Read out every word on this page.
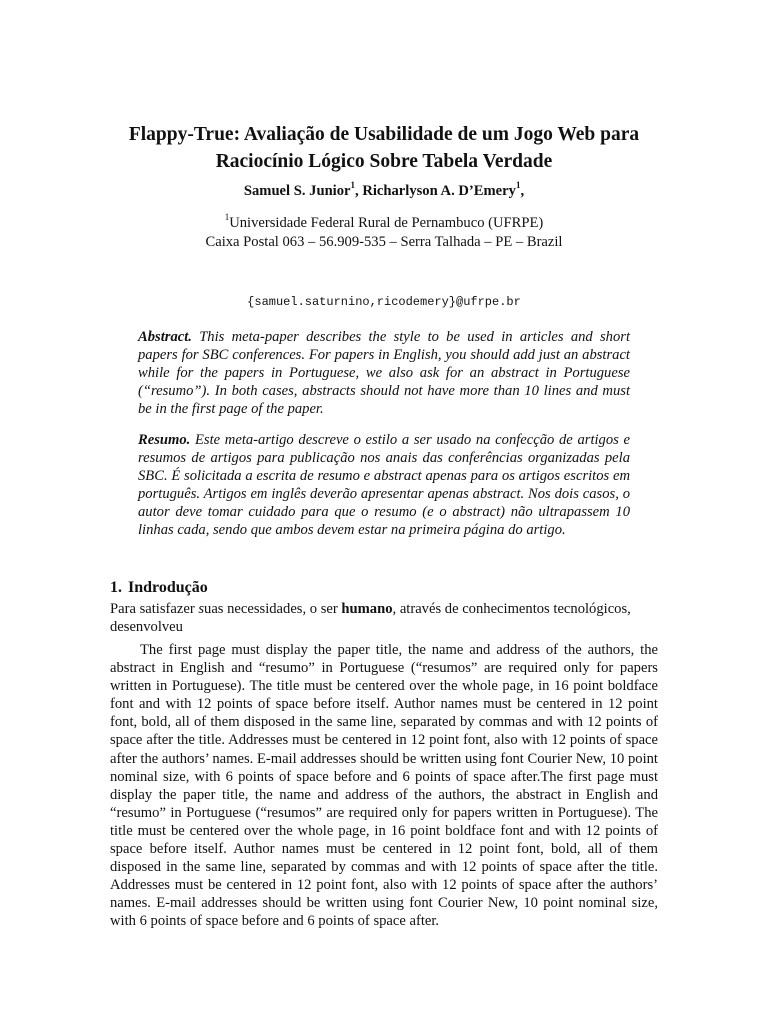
Flappy-True: Avaliação de Usabilidade de um Jogo Web para
Raciocínio Lógico Sobre Tabela Verdade

Samuel S. Junior$^1$, Richarlyson A. D’Emery$^1$,

$^1$Universidade Federal Rural de Pernambuco (UFRPE)
Caixa Postal 063 – 56.909-535 – Serra Talhada – PE – Brazil

{samuel.saturnino,ricodemery}@ufrpe.br

Abstract. This meta-paper describes the style to be used in articles and short papers for SBC conferences. For papers in English, you should add just an abstract while for the papers in Portuguese, we also ask for an abstract in Portuguese (“resumo”). In both cases, abstracts should not have more than 10 lines and must be in the first page of the paper.

Resumo. Este meta-artigo descreve o estilo a ser usado na confecção de artigos e resumos de artigos para publicação nos anais das conferências organizadas pela SBC. É solicitada a escrita de resumo e abstract apenas para os artigos escritos em português. Artigos em inglês deverão apresentar apenas abstract. Nos dois casos, o autor deve tomar cuidado para que o resumo (e o abstract) não ultrapassem 10 linhas cada, sendo que ambos devem estar na primeira página do artigo.

1. Indrodução

Para satisfazer suas necessidades, o ser humano, através de conhecimentos tecnológicos, desenvolveu

The first page must display the paper title, the name and address of the authors, the abstract in English and “resumo” in Portuguese (“resumos” are required only for papers written in Portuguese). The title must be centered over the whole page, in 16 point boldface font and with 12 points of space before itself. Author names must be centered in 12 point font, bold, all of them disposed in the same line, separated by commas and with 12 points of space after the title. Addresses must be centered in 12 point font, also with 12 points of space after the authors’ names. E-mail addresses should be written using font Courier New, 10 point nominal size, with 6 points of space before and 6 points of space after.The first page must display the paper title, the name and address of the authors, the abstract in English and “resumo” in Portuguese (“resumos” are required only for papers written in Portuguese). The title must be centered over the whole page, in 16 point boldface font and with 12 points of space before itself. Author names must be centered in 12 point font, bold, all of them disposed in the same line, separated by commas and with 12 points of space after the title. Addresses must be centered in 12 point font, also with 12 points of space after the authors’ names. E-mail addresses should be written using font Courier New, 10 point nominal size, with 6 points of space before and 6 points of space after.
